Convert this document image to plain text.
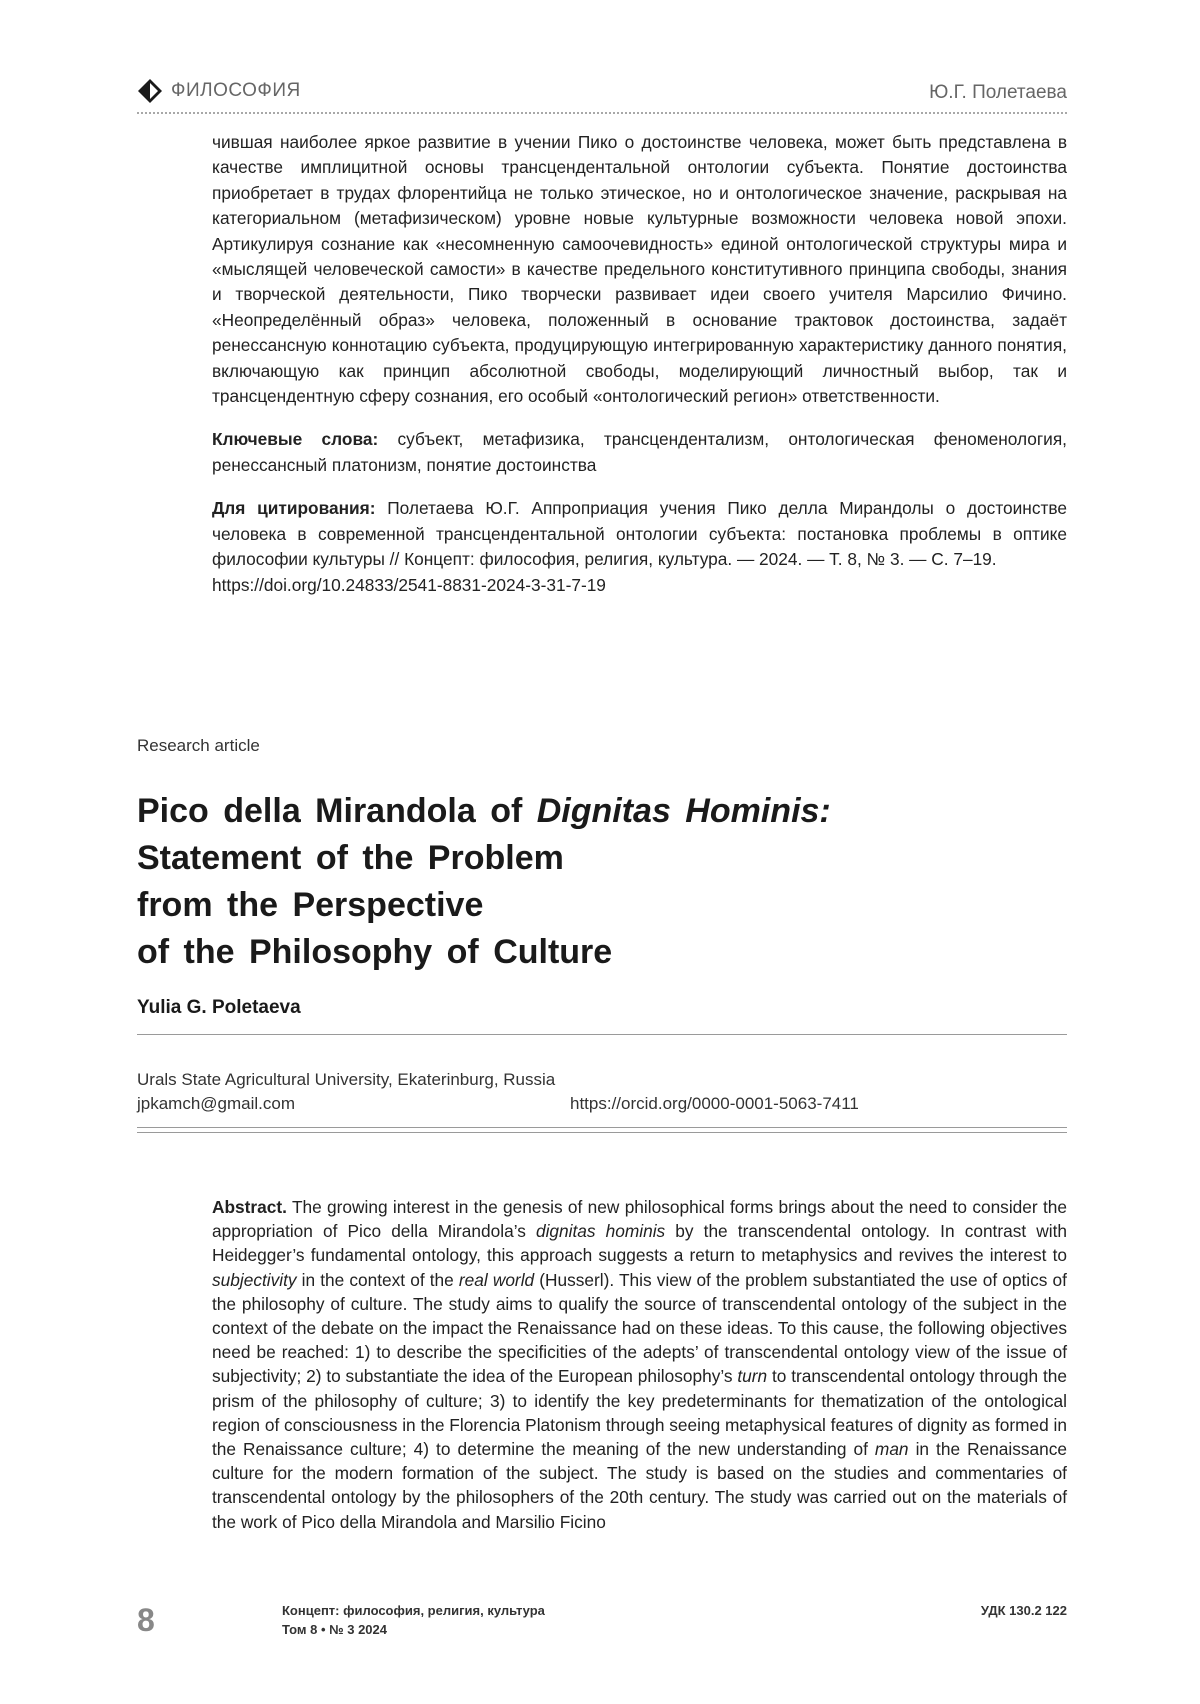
ФИЛОСОФИЯ	Ю.Г. Полетаева

чившая наиболее яркое развитие в учении Пико о достоинстве человека, может быть представлена в качестве имплицитной основы трансцендентальной онтологии субъекта. Понятие достоинства приобретает в трудах флорентийца не только этическое, но и онтологическое значение, раскрывая на категориальном (метафизическом) уровне новые культурные возможности человека новой эпохи. Артикулируя сознание как «несомненную самоочевидность» единой онтологической структуры мира и «мыслящей человеческой самости» в качестве предельного конститутивного принципа свободы, знания и творческой деятельности, Пико творчески развивает идеи своего учителя Марсилио Фичино. «Неопределённый образ» человека, положенный в основание трактовок достоинства, задаёт ренессансную коннотацию субъекта, продуцирующую интегрированную характеристику данного понятия, включающую как принцип абсолютной свободы, моделирующий личностный выбор, так и трансцендентную сферу сознания, его особый «онтологический регион» ответственности.

Ключевые слова: субъект, метафизика, трансцендентализм, онтологическая феноменология, ренессансный платонизм, понятие достоинства

Для цитирования: Полетаева Ю.Г. Аппроприация учения Пико делла Мирандолы о достоинстве человека в современной трансцендентальной онтологии субъекта: постановка проблемы в оптике философии культуры // Концепт: философия, религия, культура. — 2024. — Т. 8, № 3. — С. 7–19.
https://doi.org/10.24833/2541-8831-2024-3-31-7-19

Research article
Pico della Mirandola of Dignitas Hominis:
Statement of the Problem
from the Perspective
of the Philosophy of Culture
Yulia G. Poletaeva
Urals State Agricultural University, Ekaterinburg, Russia
jpkamch@gmail.com	https://orcid.org/0000-0001-5063-7411

Abstract. The growing interest in the genesis of new philosophical forms brings about the need to consider the appropriation of Pico della Mirandola’s dignitas hominis by the transcendental ontology. In contrast with Heidegger’s fundamental ontology, this approach suggests a return to metaphysics and revives the interest to subjectivity in the context of the real world (Husserl). This view of the problem substantiated the use of optics of the philosophy of culture. The study aims to qualify the source of transcendental ontology of the subject in the context of the debate on the impact the Renaissance had on these ideas. To this cause, the following objectives need be reached: 1) to describe the specificities of the adepts’ of transcendental ontology view of the issue of subjectivity; 2) to substantiate the idea of the European philosophy’s turn to transcendental ontology through the prism of the philosophy of culture; 3) to identify the key predeterminants for thematization of the ontological region of consciousness in the Florencia Platonism through seeing metaphysical features of dignity as formed in the Renaissance culture; 4) to determine the meaning of the new understanding of man in the Renaissance culture for the modern formation of the subject. The study is based on the studies and commentaries of transcendental ontology by the philosophers of the 20th century. The study was carried out on the materials of the work of Pico della Mirandola and Marsilio Ficino

8	Концепт: философия, религия, культура
Том 8 • № 3 2024
УДК 130.2 122
